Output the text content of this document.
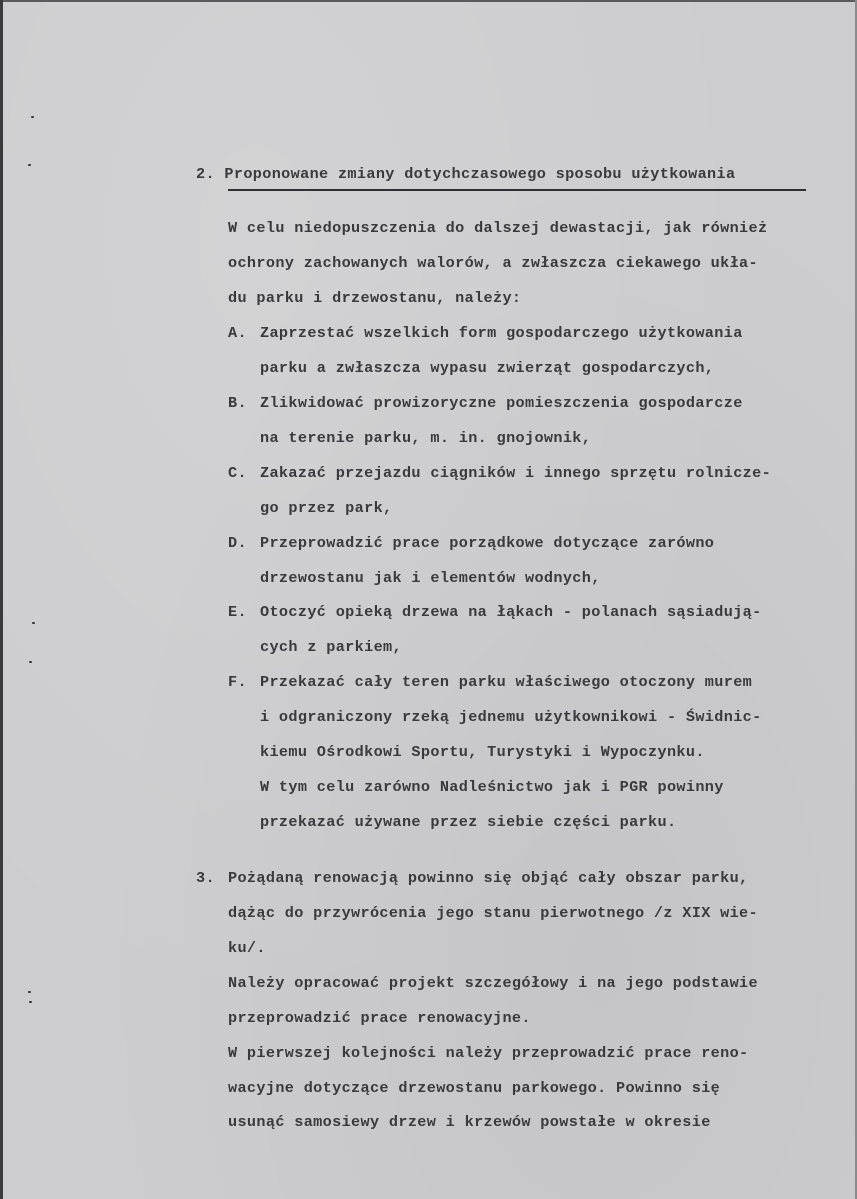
2. Proponowane zmiany dotychczasowego sposobu użytkowania
W celu niedopuszczenia do dalszej dewastacji, jak również
ochrony zachowanych walorów, a zwłaszcza ciekawego ukła-
du parku i drzewostanu, należy:
A. Zaprzestać wszelkich form gospodarczego użytkowania
parku a zwłaszcza wypasu zwierząt gospodarczych,
B. Zlikwidować prowizoryczne pomieszczenia gospodarcze
na terenie parku, m. in. gnojownik,
C. Zakazać przejazdu ciągników i innego sprzętu rolnicze-
go przez park,
D. Przeprowadzić prace porządkowe dotyczące zarówno
drzewostanu jak i elementów wodnych,
E. Otoczyć opieką drzewa na łąkach - polanach sąsiadują-
cych z parkiem,
F. Przekazać cały teren parku właściwego otoczony murem
i odgraniczony rzeką jednemu użytkownikowi - Świdnic-
kiemu Ośrodkowi Sportu, Turystyki i Wypoczynku.
W tym celu zarówno Nadleśnictwo jak i PGR powinny
przekazać używane przez siebie części parku.
3. Pożądaną renowacją powinno się objąć cały obszar parku,
dążąc do przywrócenia jego stanu pierwotnego /z XIX wie-
ku/.
Należy opracować projekt szczegółowy i na jego podstawie
przeprowadzić prace renowacyjne.
W pierwszej kolejności należy przeprowadzić prace reno-
wacyjne dotyczące drzewostanu parkowego. Powinno się
usunąć samosiewy drzew i krzewów powstałe w okresie
